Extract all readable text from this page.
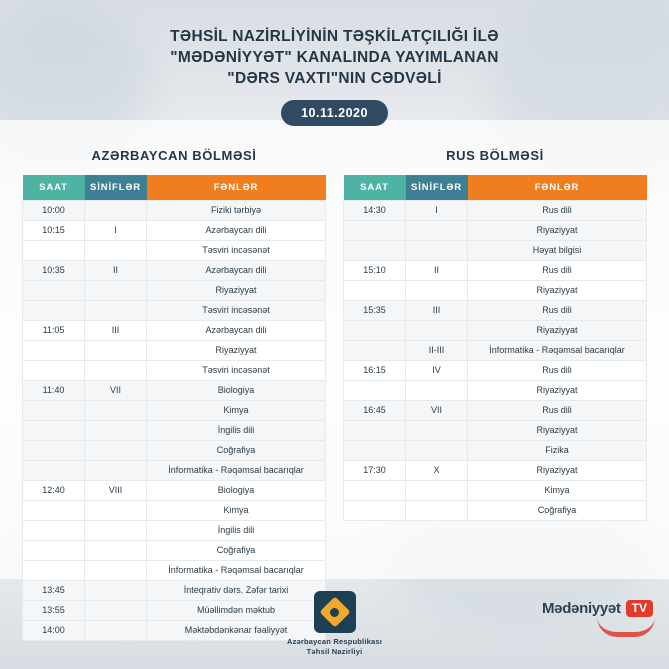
TƏHSİL NAZİRLİYİNİN TƏŞKİLATÇILIĞI İLƏ
"MƏDƏNİYYƏT" KANALINDA YAYIMLANAN
"DƏRS VAXTI"NIN CƏDVƏLİ
10.11.2020
AZƏRBAYCAN BÖLMƏSİ
SAAT	SİNİFLƏR	FƏNLƏR
10:00		Fiziki tərbiyə
10:15	I	Azərbaycan dili
		Təsviri incəsənət
10:35	II	Azərbaycan dili
		Riyaziyyat
		Təsviri incəsənət
11:05	III	Azərbaycan dili
		Riyaziyyat
		Təsviri incəsənət
11:40	VII	Biologiya
		Kimya
		İngilis dili
		Coğrafiya
		İnformatika - Rəqəmsal bacarıqlar
12:40	VIII	Biologiya
		Kimya
		İngilis dili
		Coğrafiya
		İnformatika - Rəqəmsal bacarıqlar
13:45		İnteqrativ dərs. Zəfər tarixi
13:55		Müəllimdən məktub
14:00		Məktəbdənkənar fəaliyyət
RUS BÖLMƏSİ
SAAT	SİNİFLƏR	FƏNLƏR
14:30	I	Rus dili
		Riyaziyyat
		Həyat bilgisi
15:10	II	Rus dili
		Riyaziyyat
15:35	III	Rus dili
		Riyaziyyat
	II-III	İnformatika - Rəqəmsal bacarıqlar
16:15	IV	Rus dili
		Riyaziyyat
16:45	VII	Rus dili
		Riyaziyyat
		Fizika
17:30	X	Riyaziyyat
		Kimya
		Coğrafiya
Azərbaycan Respublikası
Təhsil Nazirliyi
Mədəniyyət TV
